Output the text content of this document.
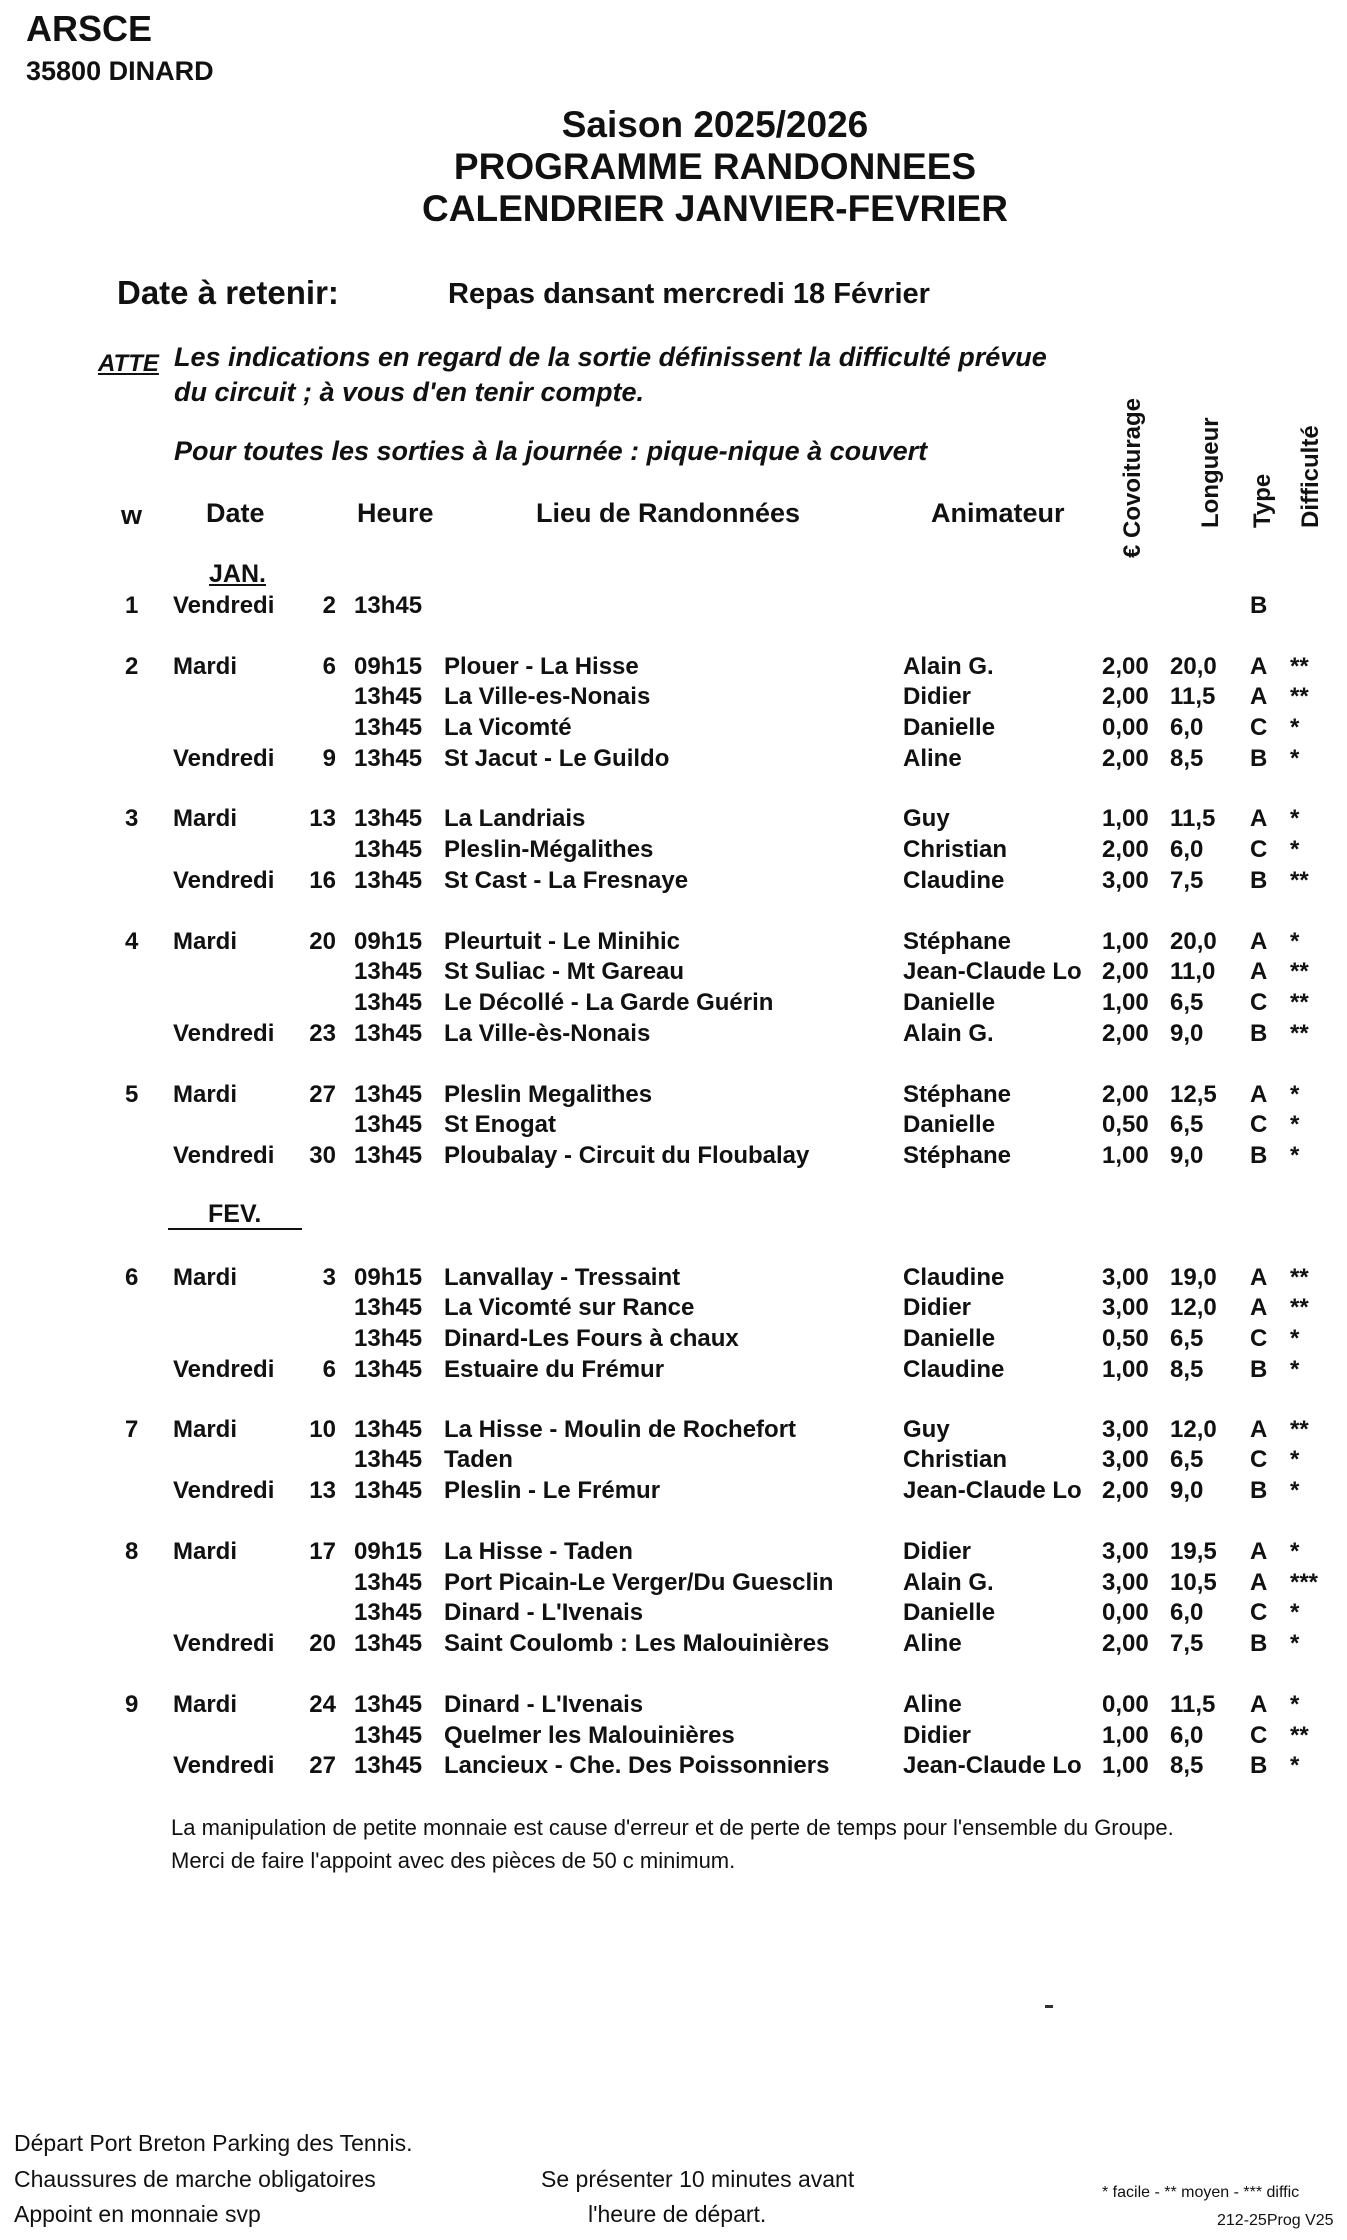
ARSCE
35800 DINARD
Saison 2025/2026
PROGRAMME RANDONNEES
CALENDRIER JANVIER-FEVRIER
Date à retenir:	Repas dansant mercredi 18 Février
ATTE Les indications en regard de la sortie définissent la difficulté prévue
du circuit ; à vous d'en tenir compte.
Pour toutes les sorties à la journée : pique-nique à couvert
w Date	Heure	Lieu de Randonnées	Animateur € Covoiturage Longueur Type Difficulté
JAN.
FEV.
1 Vendredi	2 13h45	B
2 Mardi	6 09h15 Plouer - La Hisse	Alain G.	2,00 20,0 A **
13h45 La Ville-es-Nonais	Didier	2,00 11,5 A **
13h45 La Vicomté	Danielle	0,00 6,0 C *
Vendredi	9 13h45 St Jacut - Le Guildo	Aline	2,00 8,5 B *
3 Mardi	13 13h45 La Landriais	Guy	1,00 11,5 A *
13h45 Pleslin-Mégalithes	Christian	2,00 6,0 C *
Vendredi	16 13h45 St Cast - La Fresnaye	Claudine	3,00 7,5 B **
4 Mardi	20 09h15 Pleurtuit - Le Minihic	Stéphane	1,00 20,0 A *
13h45 St Suliac - Mt Gareau	Jean-Claude Lo 2,00 11,0 A **
13h45 Le Décollé - La Garde Guérin	Danielle	1,00 6,5 C **
Vendredi	23 13h45 La Ville-ès-Nonais	Alain G.	2,00 9,0 B **
5 Mardi	27 13h45 Pleslin Megalithes	Stéphane	2,00 12,5 A *
13h45 St Enogat	Danielle	0,50 6,5 C *
Vendredi	30 13h45 Ploubalay - Circuit du Floubalay	Stéphane	1,00 9,0 B *
6 Mardi	3 09h15 Lanvallay - Tressaint	Claudine	3,00 19,0 A **
13h45 La Vicomté sur Rance	Didier	3,00 12,0 A **
13h45 Dinard-Les Fours à chaux	Danielle	0,50 6,5 C *
Vendredi	6 13h45 Estuaire du Frémur	Claudine	1,00 8,5 B *
7 Mardi	10 13h45 La Hisse - Moulin de Rochefort	Guy	3,00 12,0 A **
13h45 Taden	Christian	3,00 6,5 C *
Vendredi	13 13h45 Pleslin - Le Frémur	Jean-Claude Lo 2,00 9,0 B *
8 Mardi	17 09h15 La Hisse - Taden	Didier	3,00 19,5 A *
13h45 Port Picain-Le Verger/Du Guesclin	Alain G.	3,00 10,5 A ***
13h45 Dinard - L'Ivenais	Danielle	0,00 6,0 C *
Vendredi	20 13h45 Saint Coulomb : Les Malouinières	Aline	2,00 7,5 B *
9 Mardi	24 13h45 Dinard - L'Ivenais	Aline	0,00 11,5 A *
13h45 Quelmer les Malouinières	Didier	1,00 6,0 C **
Vendredi	27 13h45 Lancieux - Che. Des Poissonniers	Jean-Claude Lo 1,00 8,5 B *
La manipulation de petite monnaie est cause d'erreur et de perte de temps pour l'ensemble du Groupe.
Merci de faire l'appoint avec des pièces de 50 c minimum.
Départ Port Breton Parking des Tennis.
Chaussures de marche obligatoires
Appoint en monnaie svp
Se présenter 10 minutes avant
l'heure de départ.
* facile - ** moyen - *** diffic
212-25Prog V25
